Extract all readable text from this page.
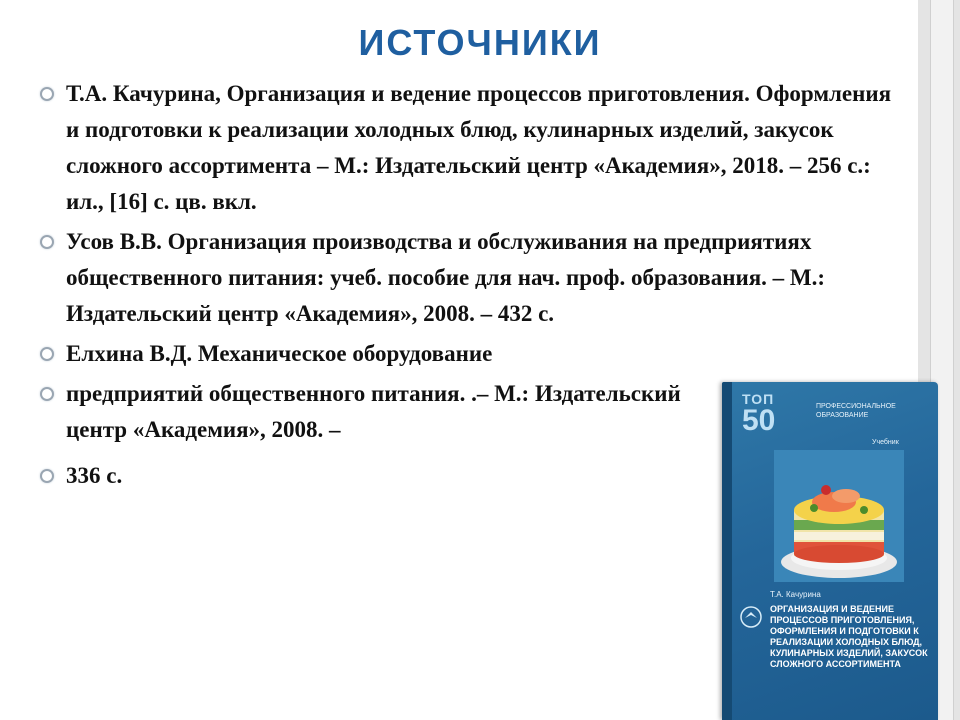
ИСТОЧНИКИ
Т.А. Качурина, Организация и ведение процессов приготовления. Оформления и подготовки к реализации холодных блюд, кулинарных изделий, закусок сложного ассортимента – М.: Издательский центр «Академия», 2018. – 256 с.: ил., [16] с. цв. вкл.
Усов В.В. Организация производства и обслуживания на предприятиях общественного питания: учеб. пособие для нач. проф. образования. – М.: Издательский центр «Академия», 2008. – 432 с.
Елхина В.Д. Механическое оборудование
предприятий общественного питания. .– М.: Издательский центр «Академия», 2008. –
336 с.
ТОП
50	ПРОФЕССИОНАЛЬНОЕ ОБРАЗОВАНИЕ
Учебник
Т.А. Качурина
ОРГАНИЗАЦИЯ И ВЕДЕНИЕ ПРОЦЕССОВ ПРИГОТОВЛЕНИЯ, ОФОРМЛЕНИЯ И ПОДГОТОВКИ К РЕАЛИЗАЦИИ ХОЛОДНЫХ БЛЮД, КУЛИНАРНЫХ ИЗДЕЛИЙ, ЗАКУСОК СЛОЖНОГО АССОРТИМЕНТА
